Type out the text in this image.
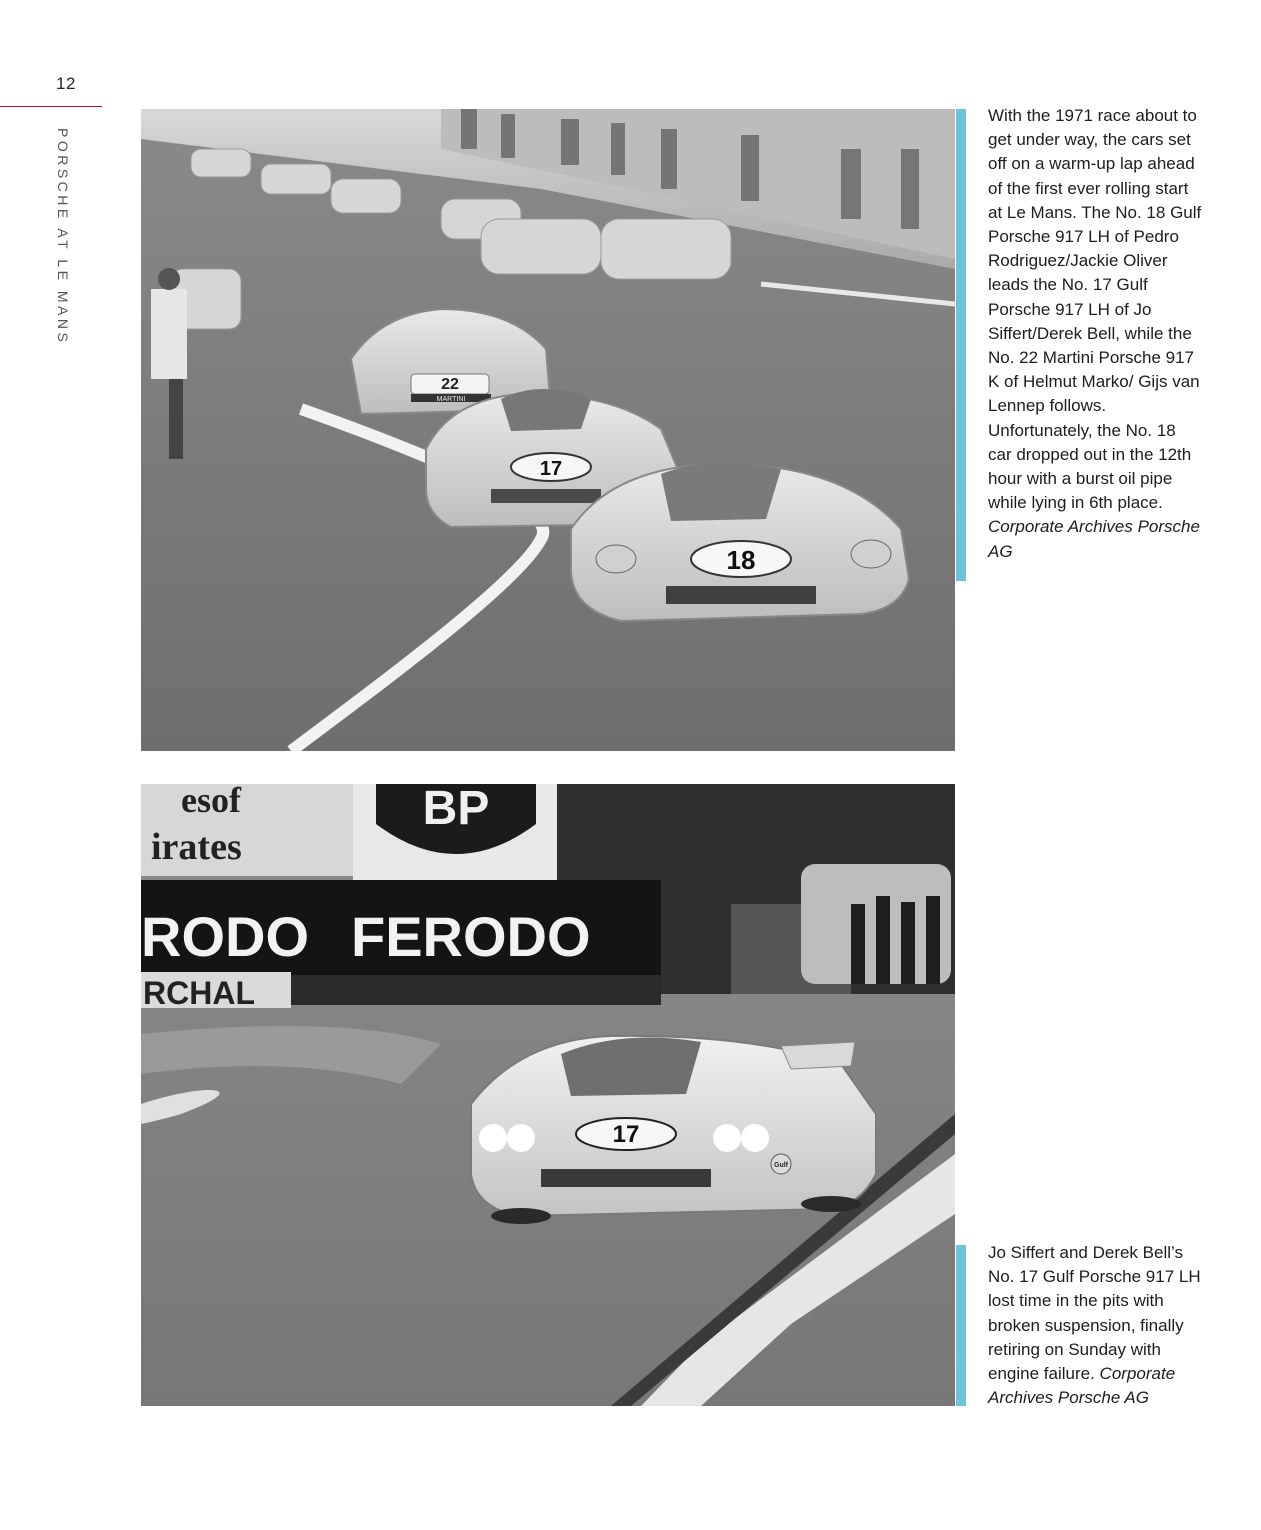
12
PORSCHE AT LE MANS
22
MARTINI
17
18
With the 1971 race about to get under way, the cars set off on a warm-up lap ahead of the first ever rolling start at Le Mans. The No. 18 Gulf Porsche 917 LH of Pedro Rodriguez/Jackie Oliver leads the No. 17 Gulf Porsche 917 LH of Jo Siffert/Derek Bell, while the No. 22 Martini Porsche 917 K of Helmut Marko/ Gijs van Lennep follows. Unfortunately, the No. 18 car dropped out in the 12th hour with a burst oil pipe while lying in 6th place. Corporate Archives Porsche AG
esof
irates
BP
RODO FERODO
RCHAL
17
Gulf
Jo Siffert and Derek Bell’s No. 17 Gulf Porsche 917 LH lost time in the pits with broken suspension, finally retiring on Sunday with engine failure. Corporate Archives Porsche AG
